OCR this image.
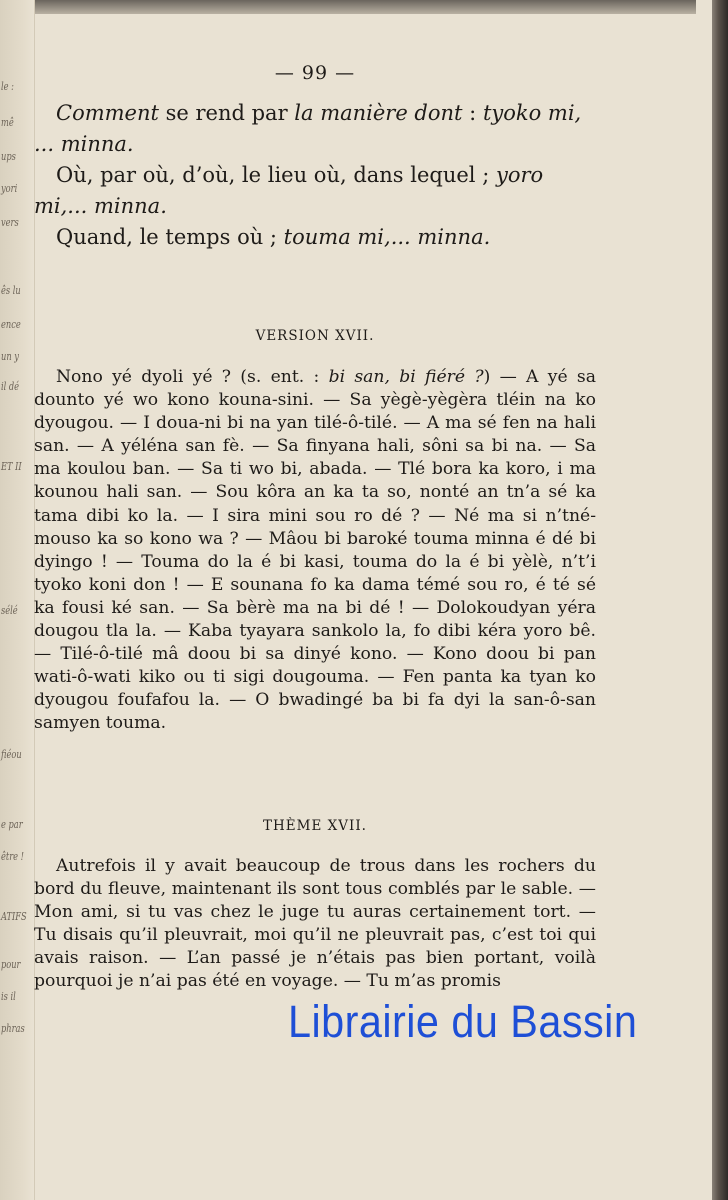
le :
mê
ups
yori
vers
ês lu
ence
un y
il dé
ET II
sélé
fiéou
e par
être !
ATIFS
pour
is il
phras
— 99 —

Comment se rend par la manière dont : tyoko mi, ... minna.

Où, par où, d’où, le lieu où, dans lequel ; yoro mi,... minna.

Quand, le temps où ; touma mi,... minna.

VERSION XVII.

Nono yé dyoli yé ? (s. ent. : bi san, bi fiéré ?) — A yé sa dounto yé wo kono kouna-sini. — Sa yègè-yègèra tléin na ko dyougou. — I doua-ni bi na yan tilé-ô-tilé. — A ma sé fen na hali san. — A yéléna san fè. — Sa finyana hali, sôni sa bi na. — Sa ma koulou ban. — Sa ti wo bi, abada. — Tlé bora ka koro, i ma kounou hali san. — Sou kôra an ka ta so, nonté an tn’a sé ka tama dibi ko la. — I sira mini sou ro dé ? — Né ma si n’tné-mouso ka so kono wa ? — Mâou bi baroké touma minna é dé bi dyingo ! — Touma do la é bi kasi, touma do la é bi yèlè, n’t’i tyoko koni don ! — E sounana fo ka dama témé sou ro, é té sé ka fousi ké san. — Sa bèrè ma na bi dé ! — Dolokoudyan yéra dougou tla la. — Kaba tyayara sankolo la, fo dibi kéra yoro bê. — Tilé-ô-tilé mâ doou bi sa dinyé kono. — Kono doou bi pan wati-ô-wati kiko ou ti sigi dougouma. — Fen panta ka tyan ko dyougou foufafou la. — O bwadingé ba bi fa dyi la san-ô-san samyen touma.

THÈME XVII.

Autrefois il y avait beaucoup de trous dans les rochers du bord du fleuve, maintenant ils sont tous comblés par le sable. — Mon ami, si tu vas chez le juge tu auras certainement tort. — Tu disais qu’il pleuvrait, moi qu’il ne pleuvrait pas, c’est toi qui avais raison. — L’an passé je n’étais pas bien portant, voilà pourquoi je n’ai pas été en voyage. — Tu m’as promis

Librairie du Bassin
